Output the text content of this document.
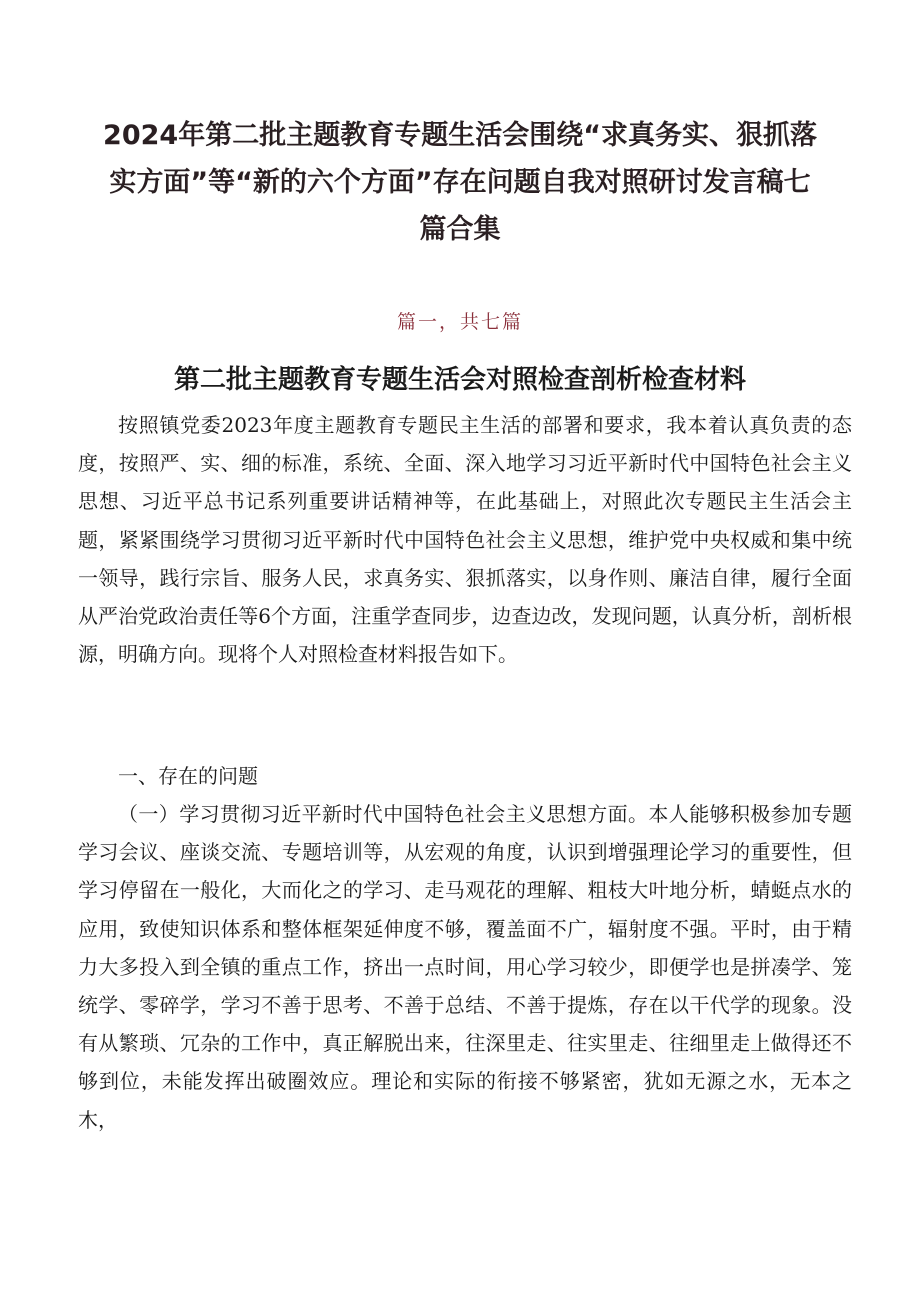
2024年第二批主题教育专题生活会围绕“求真务实、狠抓落实方面”等“新的六个方面”存在问题自我对照研讨发言稿七篇合集
篇一，共七篇
第二批主题教育专题生活会对照检查剖析检查材料

按照镇党委2023年度主题教育专题民主生活的部署和要求，我本着认真负责的态度，按照严、实、细的标准，系统、全面、深入地学习习近平新时代中国特色社会主义思想、习近平总书记系列重要讲话精神等，在此基础上，对照此次专题民主生活会主题，紧紧围绕学习贯彻习近平新时代中国特色社会主义思想，维护党中央权威和集中统一领导，践行宗旨、服务人民，求真务实、狠抓落实，以身作则、廉洁自律，履行全面从严治党政治责任等6个方面，注重学查同步，边查边改，发现问题，认真分析，剖析根源，明确方向。现将个人对照检查材料报告如下。

一、存在的问题

（一）学习贯彻习近平新时代中国特色社会主义思想方面。本人能够积极参加专题学习会议、座谈交流、专题培训等，从宏观的角度，认识到增强理论学习的重要性，但学习停留在一般化，大而化之的学习、走马观花的理解、粗枝大叶地分析，蜻蜓点水的应用，致使知识体系和整体框架延伸度不够，覆盖面不广，辐射度不强。平时，由于精力大多投入到全镇的重点工作，挤出一点时间，用心学习较少，即便学也是拼凑学、笼统学、零碎学，学习不善于思考、不善于总结、不善于提炼，存在以干代学的现象。没有从繁琐、冗杂的工作中，真正解脱出来，往深里走、往实里走、往细里走上做得还不够到位，未能发挥出破圈效应。理论和实际的衔接不够紧密，犹如无源之水，无本之木，
